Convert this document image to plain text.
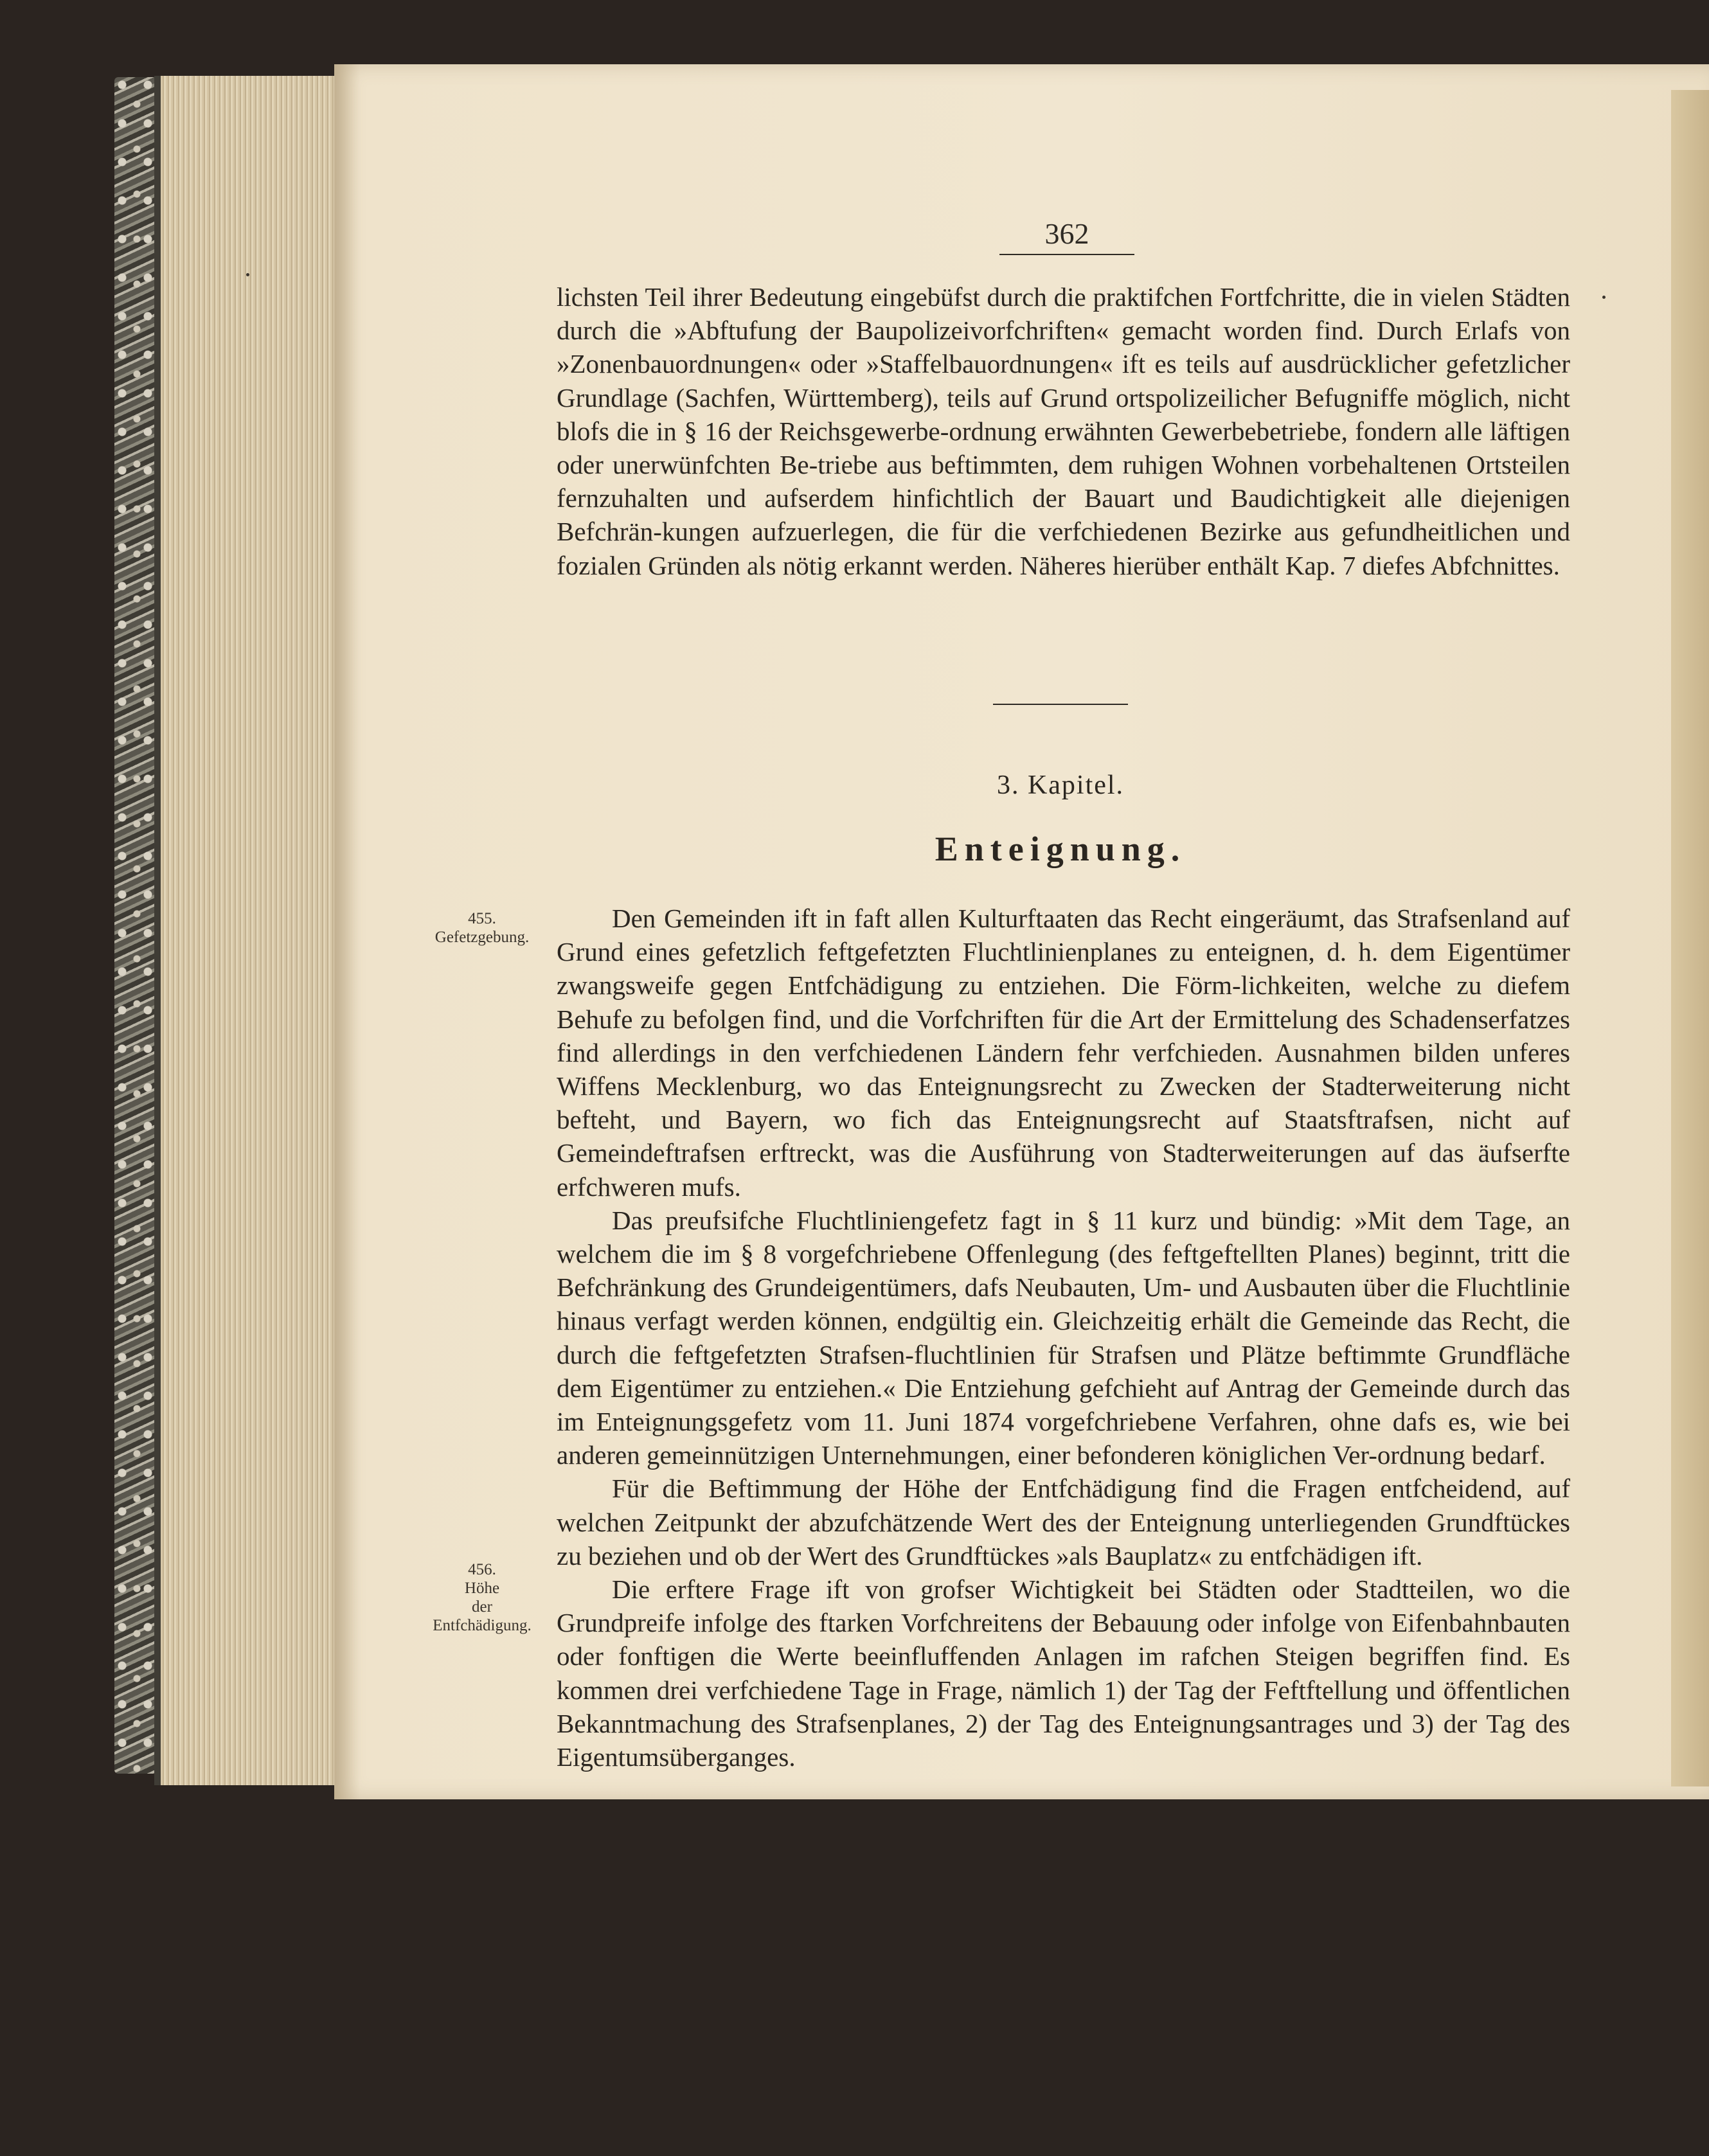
362

lichsten Teil ihrer Bedeutung eingebüfst durch die praktifchen Fortfchritte, die in vielen Städten durch die »Abftufung der Baupolizeivorfchriften« gemacht worden find. Durch Erlafs von »Zonenbauordnungen« oder »Staffelbauordnungen« ift es teils auf ausdrücklicher gefetzlicher Grundlage (Sachfen, Württemberg), teils auf Grund ortspolizeilicher Befugniffe möglich, nicht blofs die in § 16 der Reichsgewerbe-ordnung erwähnten Gewerbebetriebe, fondern alle läftigen oder unerwünfchten Be-triebe aus beftimmten, dem ruhigen Wohnen vorbehaltenen Ortsteilen fernzuhalten und aufserdem hinfichtlich der Bauart und Baudichtigkeit alle diejenigen Befchrän-kungen aufzuerlegen, die für die verfchiedenen Bezirke aus gefundheitlichen und fozialen Gründen als nötig erkannt werden. Näheres hierüber enthält Kap. 7 diefes Abfchnittes.

3. Kapitel.
Enteignung.
455.
Gefetzgebung.
456.
Höhe
der
Entfchädigung.

Den Gemeinden ift in faft allen Kulturftaaten das Recht eingeräumt, das Strafsenland auf Grund eines gefetzlich feftgefetzten Fluchtlinienplanes zu enteignen, d. h. dem Eigentümer zwangsweife gegen Entfchädigung zu entziehen. Die Förm-lichkeiten, welche zu diefem Behufe zu befolgen find, und die Vorfchriften für die Art der Ermittelung des Schadenserfatzes find allerdings in den verfchiedenen Ländern fehr verfchieden. Ausnahmen bilden unferes Wiffens Mecklenburg, wo das Enteignungsrecht zu Zwecken der Stadterweiterung nicht befteht, und Bayern, wo fich das Enteignungsrecht auf Staatsftrafsen, nicht auf Gemeindeftrafsen erftreckt, was die Ausführung von Stadterweiterungen auf das äufserfte erfchweren mufs.

Das preufsifche Fluchtliniengefetz fagt in § 11 kurz und bündig: »Mit dem Tage, an welchem die im § 8 vorgefchriebene Offenlegung (des feftgeftellten Planes) beginnt, tritt die Befchränkung des Grundeigentümers, dafs Neubauten, Um- und Ausbauten über die Fluchtlinie hinaus verfagt werden können, endgültig ein. Gleichzeitig erhält die Gemeinde das Recht, die durch die feftgefetzten Strafsen-fluchtlinien für Strafsen und Plätze beftimmte Grundfläche dem Eigentümer zu entziehen.« Die Entziehung gefchieht auf Antrag der Gemeinde durch das im Enteignungsgefetz vom 11. Juni 1874 vorgefchriebene Verfahren, ohne dafs es, wie bei anderen gemeinnützigen Unternehmungen, einer befonderen königlichen Ver-ordnung bedarf.

Für die Beftimmung der Höhe der Entfchädigung find die Fragen entfcheidend, auf welchen Zeitpunkt der abzufchätzende Wert des der Enteignung unterliegenden Grundftückes zu beziehen und ob der Wert des Grundftückes »als Bauplatz« zu entfchädigen ift.

Die erftere Frage ift von grofser Wichtigkeit bei Städten oder Stadtteilen, wo die Grundpreife infolge des ftarken Vorfchreitens der Bebauung oder infolge von Eifenbahnbauten oder fonftigen die Werte beeinfluffenden Anlagen im rafchen Steigen begriffen find. Es kommen drei verfchiedene Tage in Frage, nämlich 1) der Tag der Feftftellung und öffentlichen Bekanntmachung des Strafsenplanes, 2) der Tag des Enteignungsantrages und 3) der Tag des Eigentumsüberganges.
